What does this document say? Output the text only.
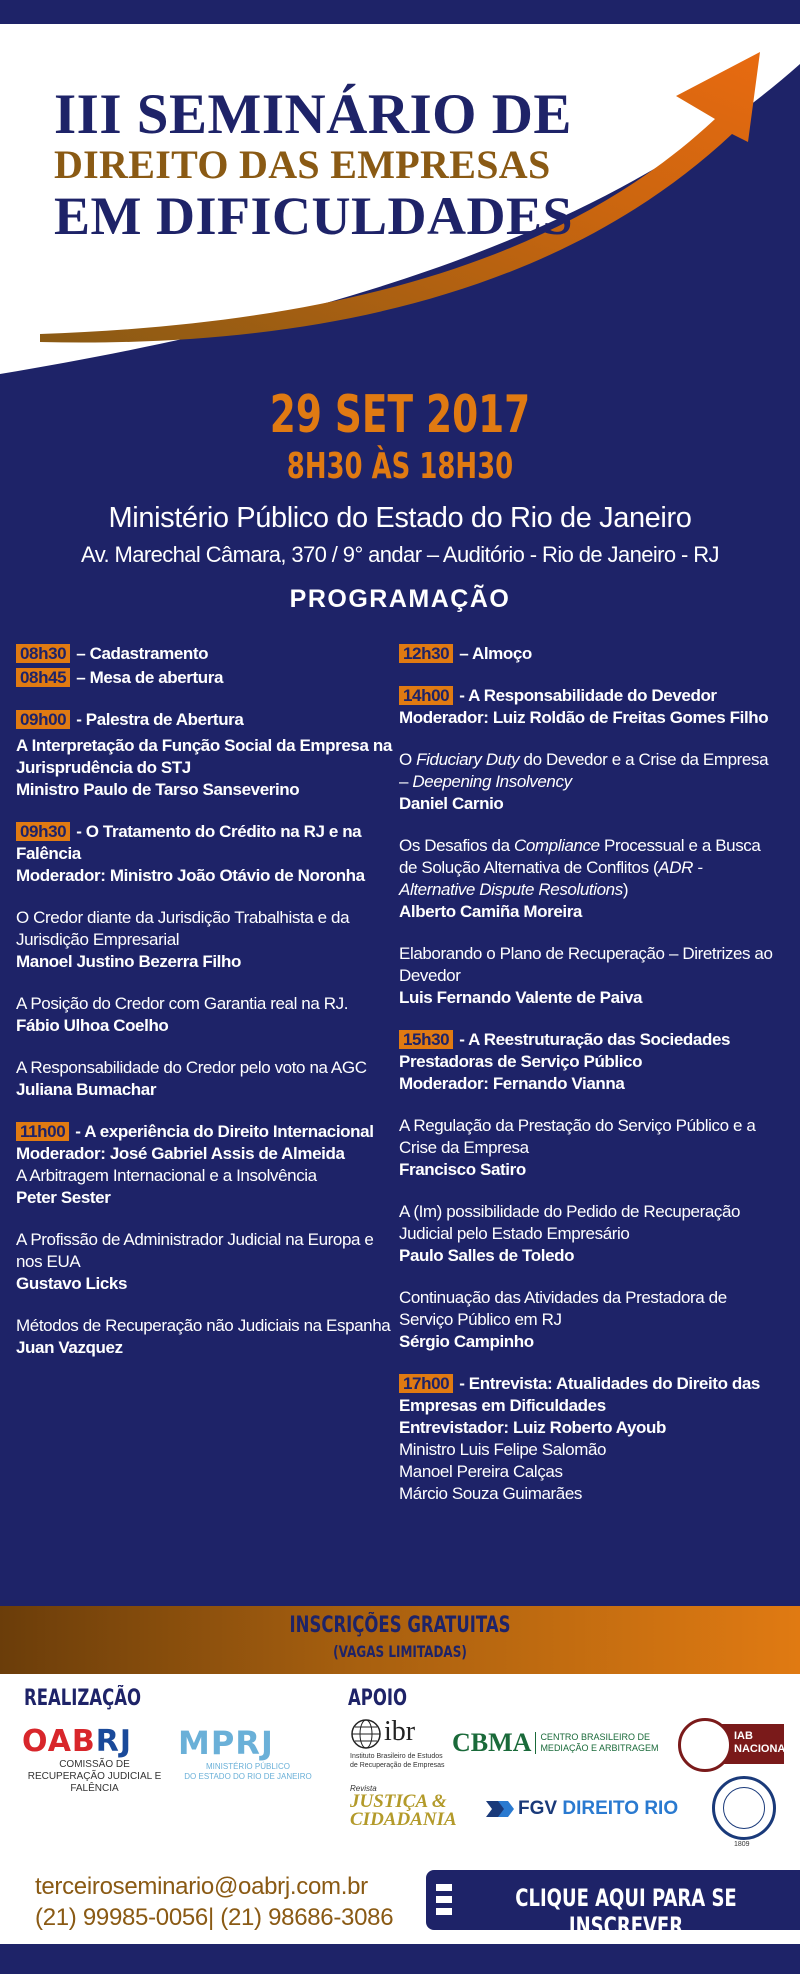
III SEMINÁRIO DE
DIREITO DAS EMPRESAS
EM DIFICULDADES
29 SET 2017
8H30 ÀS 18H30
Ministério Público do Estado do Rio de Janeiro
Av. Marechal Câmara, 370 / 9° andar – Auditório - Rio de Janeiro - RJ
PROGRAMAÇÃO
08h30 – Cadastramento
08h45 – Mesa de abertura
09h00 - Palestra de Abertura
A Interpretação da Função Social da Empresa na Jurisprudência do STJ
Ministro Paulo de Tarso Sanseverino
09h30 - O Tratamento do Crédito na RJ e na Falência
Moderador: Ministro João Otávio de Noronha
O Credor diante da Jurisdição Trabalhista e da Jurisdição Empresarial
Manoel Justino Bezerra Filho
A Posição do Credor com Garantia real na RJ.
Fábio Ulhoa Coelho
A Responsabilidade do Credor pelo voto na AGC
Juliana Bumachar
11h00 - A experiência do Direito Internacional
Moderador: José Gabriel Assis de Almeida
A Arbitragem Internacional e a Insolvência
Peter Sester
A Profissão de Administrador Judicial na Europa e nos EUA
Gustavo Licks
Métodos de Recuperação não Judiciais na Espanha
Juan Vazquez
12h30 – Almoço
14h00 - A Responsabilidade do Devedor
Moderador: Luiz Roldão de Freitas Gomes Filho
O Fiduciary Duty do Devedor e a Crise da Empresa – Deepening Insolvency
Daniel Carnio
Os Desafios da Compliance Processual e a Busca de Solução Alternativa de Conflitos (ADR - Alternative Dispute Resolutions)
Alberto Camiña Moreira
Elaborando o Plano de Recuperação – Diretrizes ao Devedor
Luis Fernando Valente de Paiva
15h30 - A Reestruturação das Sociedades Prestadoras de Serviço Público
Moderador: Fernando Vianna
A Regulação da Prestação do Serviço Público e a Crise da Empresa
Francisco Satiro
A (Im) possibilidade do Pedido de Recuperação Judicial pelo Estado Empresário
Paulo Salles de Toledo
Continuação das Atividades da Prestadora de Serviço Público em RJ
Sérgio Campinho
17h00 - Entrevista: Atualidades do Direito das Empresas em Dificuldades
Entrevistador: Luiz Roberto Ayoub
Ministro Luis Felipe Salomão
Manoel Pereira Calças
Márcio Souza Guimarães
INSCRIÇÕES GRATUITAS
(VAGAS LIMITADAS)
REALIZAÇÃO	APOIO
OABRJ
COMISSÃO DE RECUPERAÇÃO JUDICIAL E FALÊNCIA
MPRJ
MINISTÉRIO PÚBLICO
DO ESTADO DO RIO DE JANEIRO
ibr
Instituto Brasileiro de Estudos de Recuperação de Empresas
CBMA CENTRO BRASILEIRO DE
MEDIAÇÃO E ARBITRAGEM
IAB
NACIONAL
Revista
JUSTIÇA &
CIDADANIA
FGV DIREITO RIO
1809
terceiroseminario@oabrj.com.br
(21) 99985-0056| (21) 98686-3086
CLIQUE AQUI PARA SE INSCREVER
